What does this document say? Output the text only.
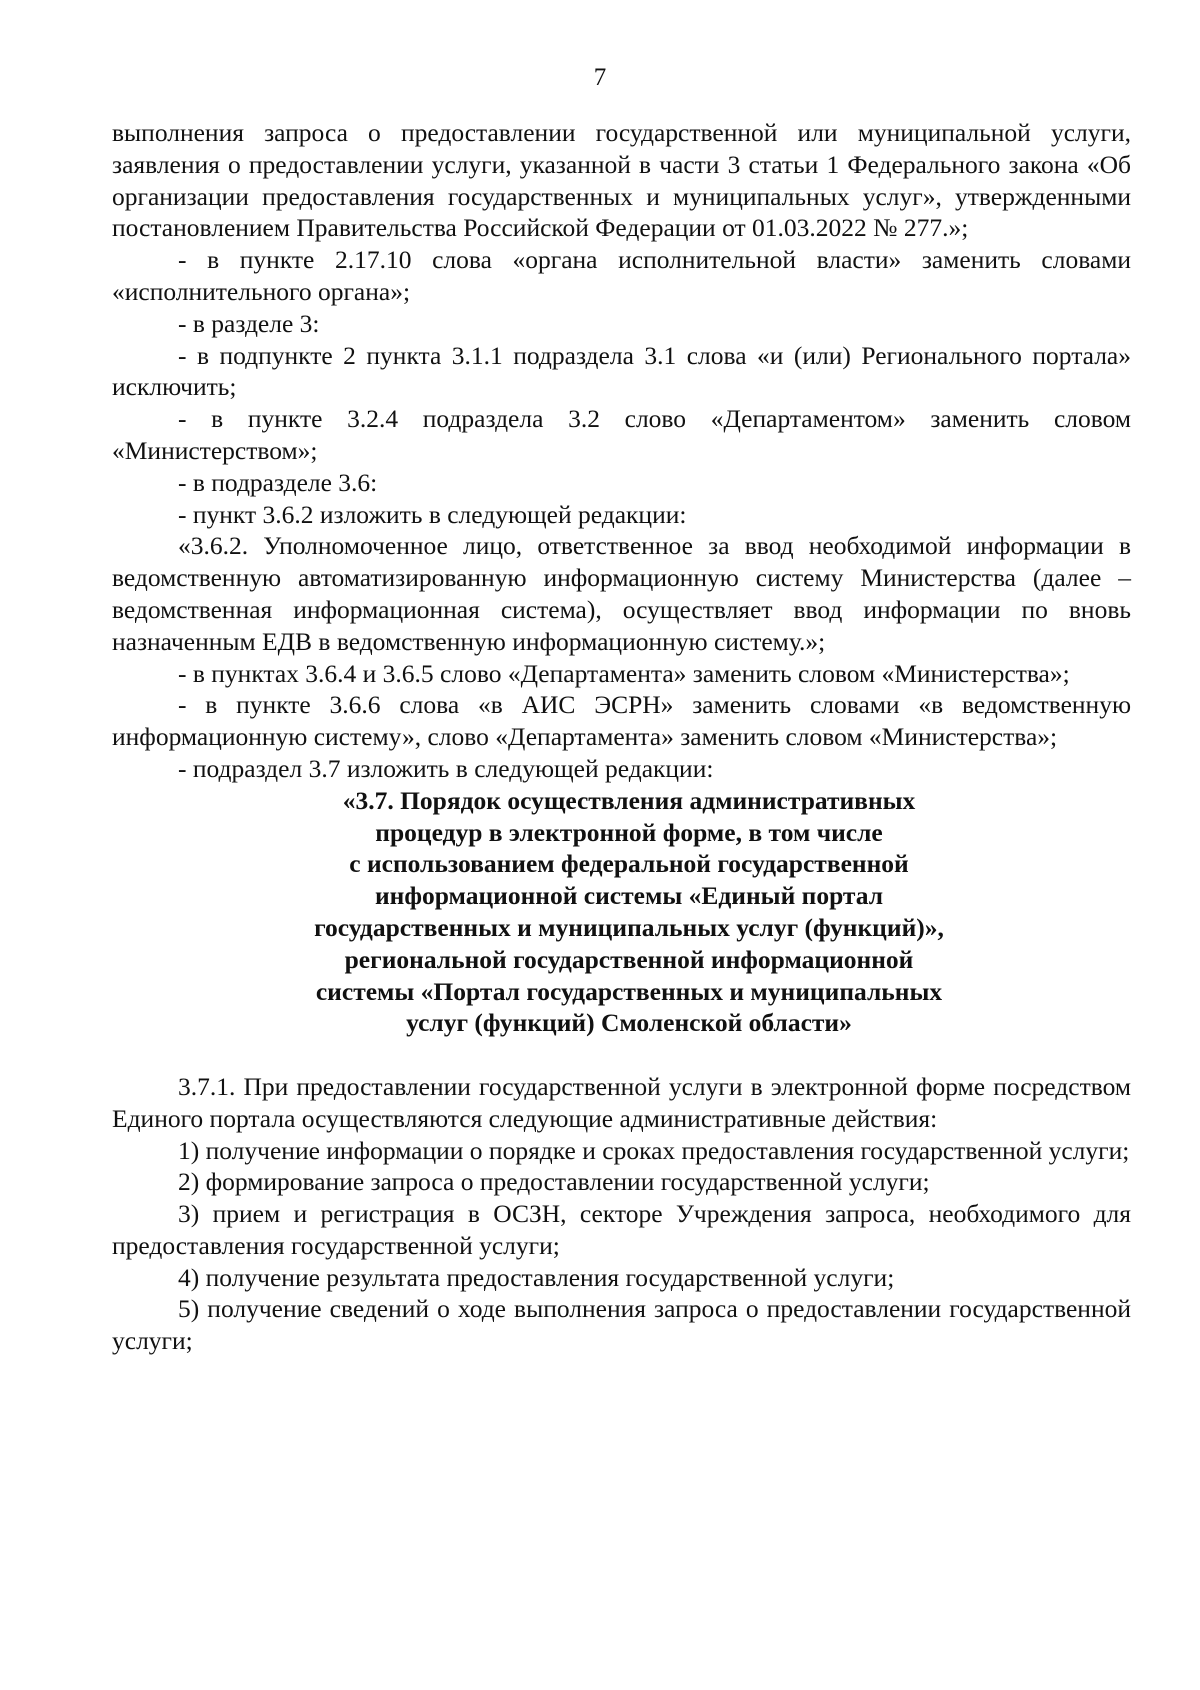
7

выполнения запроса о предоставлении государственной или муниципальной услуги, заявления о предоставлении услуги, указанной в части 3 статьи 1 Федерального закона «Об организации предоставления государственных и муниципальных услуг», утвержденными постановлением Правительства Российской Федерации от 01.03.2022 № 277.»;

- в пункте 2.17.10 слова «органа исполнительной власти» заменить словами «исполнительного органа»;

- в разделе 3:

- в подпункте 2 пункта 3.1.1 подраздела 3.1 слова «и (или) Регионального портала» исключить;

- в пункте 3.2.4 подраздела 3.2 слово «Департаментом» заменить словом «Министерством»;

- в подразделе 3.6:

- пункт 3.6.2 изложить в следующей редакции:

«3.6.2. Уполномоченное лицо, ответственное за ввод необходимой информации в ведомственную автоматизированную информационную систему Министерства (далее – ведомственная информационная система), осуществляет ввод информации по вновь назначенным ЕДВ в ведомственную информационную систему.»;

- в пунктах 3.6.4 и 3.6.5 слово «Департамента» заменить словом «Министерства»;

- в пункте 3.6.6 слова «в АИС ЭСРН» заменить словами «в ведомственную информационную систему», слово «Департамента» заменить словом «Министерства»;

- подраздел 3.7 изложить в следующей редакции:

«3.7. Порядок осуществления административных
процедур в электронной форме, в том числе
с использованием федеральной государственной
информационной системы «Единый портал
государственных и муниципальных услуг (функций)»,
региональной государственной информационной
системы «Портал государственных и муниципальных
услуг (функций) Смоленской области»

3.7.1. При предоставлении государственной услуги в электронной форме посредством Единого портала осуществляются следующие административные действия:

1) получение информации о порядке и сроках предоставления государственной услуги;

2) формирование запроса о предоставлении государственной услуги;

3) прием и регистрация в ОСЗН, секторе Учреждения запроса, необходимого для предоставления государственной услуги;

4) получение результата предоставления государственной услуги;

5) получение сведений о ходе выполнения запроса о предоставлении государственной услуги;
